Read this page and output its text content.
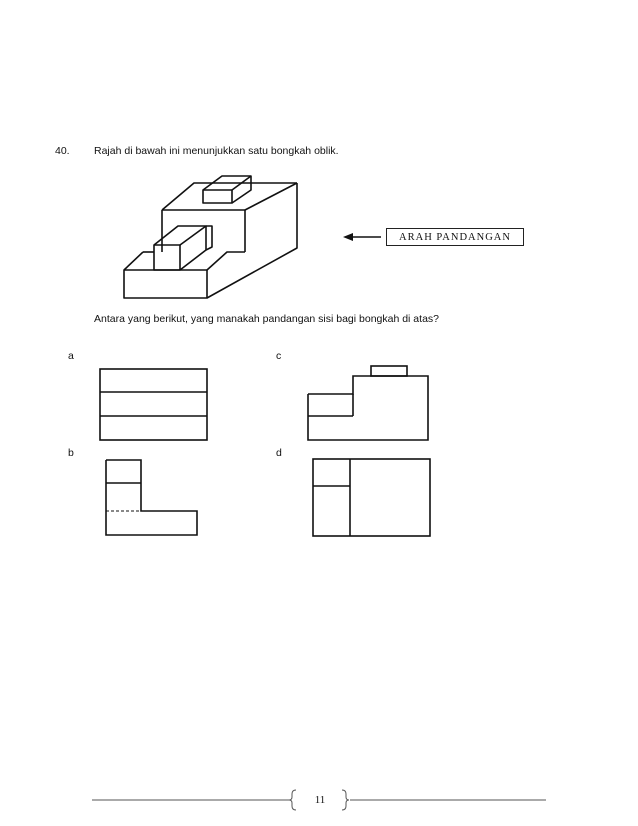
40. Rajah di bawah ini menunjukkan satu bongkah oblik.
ARAH PANDANGAN
Antara yang berikut, yang manakah pandangan sisi bagi bongkah di atas?
a
b
c
d
11
